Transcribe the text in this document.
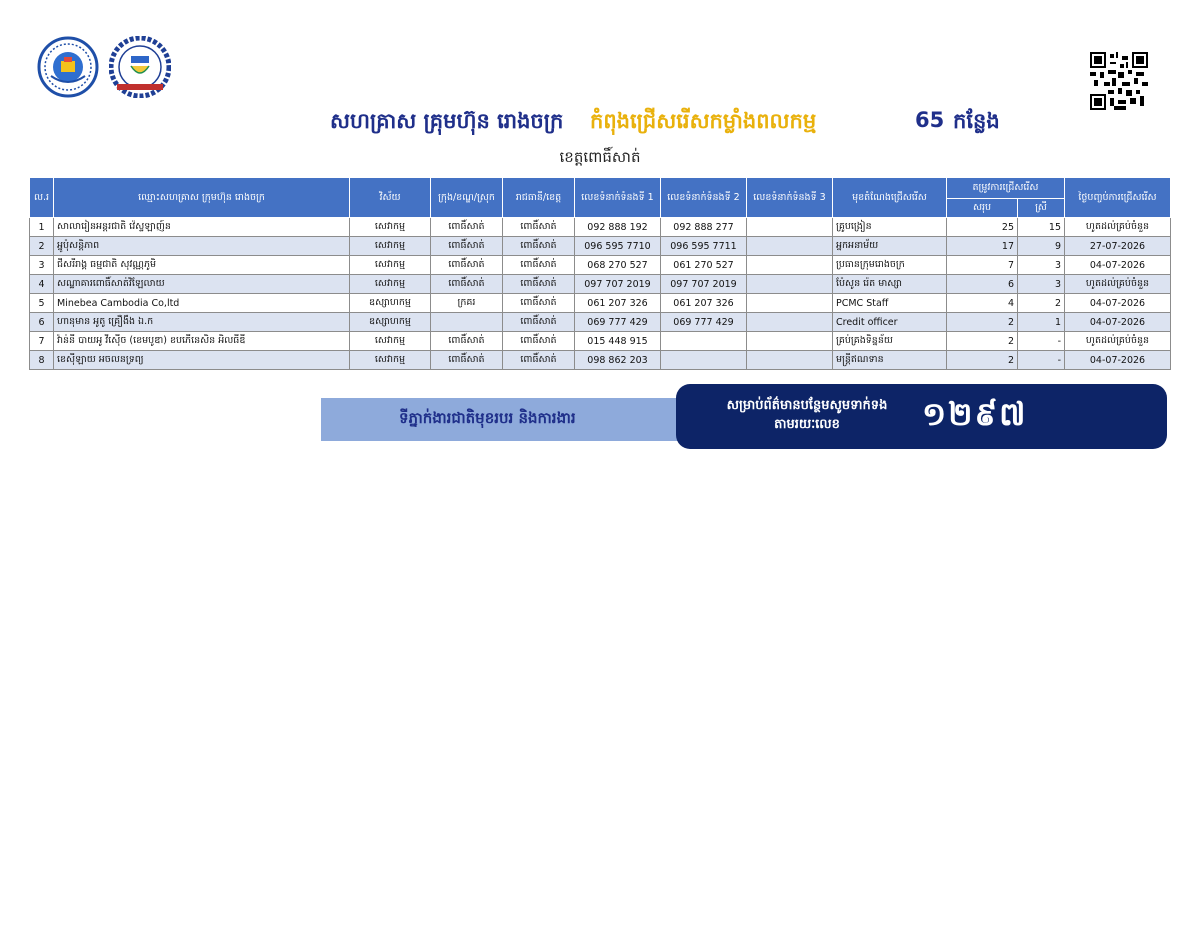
សហគ្រាស គ្រុមហ៊ុន រោងចក្រ កំពុងជ្រើសរើសកម្លាំងពលកម្ម	65 កន្លែង
ខេត្តពោធិ៍សាត់
ល.រ	ឈ្មោះសហគ្រាស ក្រុមហ៊ុន រោងចក្រ	វិស័យ	ក្រុង/ខណ្ឌ/ស្រុក	រាជធានី/ខេត្ត	លេខទំនាក់ទំនងទី 1	លេខទំនាក់ទំនងទី 2	លេខទំនាក់ទំនងទី 3	មុខតំណែងជ្រើសរើស	តម្រូវការជ្រើសរើស		ថ្ងៃបញ្ចប់ការជ្រើសរើស
									សរុប	ស្រី	
1	សាលារៀនអន្តរជាតិ វ៉េស្ទឡាញ៍ន	សេវាកម្ម	ពោធិ៍សាត់	ពោធិ៍សាត់	092 888 192	092 888 277		គ្រូបង្រៀន	25	15	ហូតដល់គ្រប់ចំនួន
2	អ្នូប៉ុសន្តិភាព	សេវាកម្ម	ពោធិ៍សាត់	ពោធិ៍សាត់	096 595 7710	096 595 7711		អ្នកអនាម័យ	17	9	27-07-2026
3	ជីសរីរាង្គ ធម្មជាតិ សុវណ្ណភូមិ	សេវាកម្ម	ពោធិ៍សាត់	ពោធិ៍សាត់	068 270 527	061 270 527		ប្រធានក្រុមរោងចក្រ	7	3	04-07-2026
4	សណ្ឋាគារពោធិ៍សាត់វិឡែលាយ	សេវាកម្ម	ពោធិ៍សាត់	ពោធិ៍សាត់	097 707 2019	097 707 2019		ប៉ែសូន រ៉េត មាស្សា	6	3	ហូតដល់គ្រប់ចំនួន
5	Minebea Cambodia Co,ltd	ឧស្សាហកម្ម	ក្រគរ	ពោធិ៍សាត់	061 207 326	061 207 326		PCMC Staff	4	2	04-07-2026
6	ហានុមាន អូតូ គ្រឿងឹង ឯ.ក	ឧស្សាហកម្ម		ពោធិ៍សាត់	069 777 429	069 777 429		Credit officer	2	1	04-07-2026
7	វ៉ាន់នី បាយអូ វីស៊ើច (ខេមបូឌា) ខបភើនេសិន អិលធីឌី	សេវាកម្ម	ពោធិ៍សាត់	ពោធិ៍សាត់	015 448 915			គ្រប់គ្រងទិន្នន័យ	2	-	ហូតដល់គ្រប់ចំនួន
8	ខេស៊ីឡាយ អចលនទ្រព្យ	សេវាកម្ម	ពោធិ៍សាត់	ពោធិ៍សាត់	098 862 203			មន្ត្រីឥណទាន	2	-	04-07-2026
ទីភ្នាក់ងារជាតិមុខរបរ និងការងារ
សម្រាប់ព័ត៌មានបន្ថែមសូមទាក់ទងតាមរយៈលេខ	១២៩៧
